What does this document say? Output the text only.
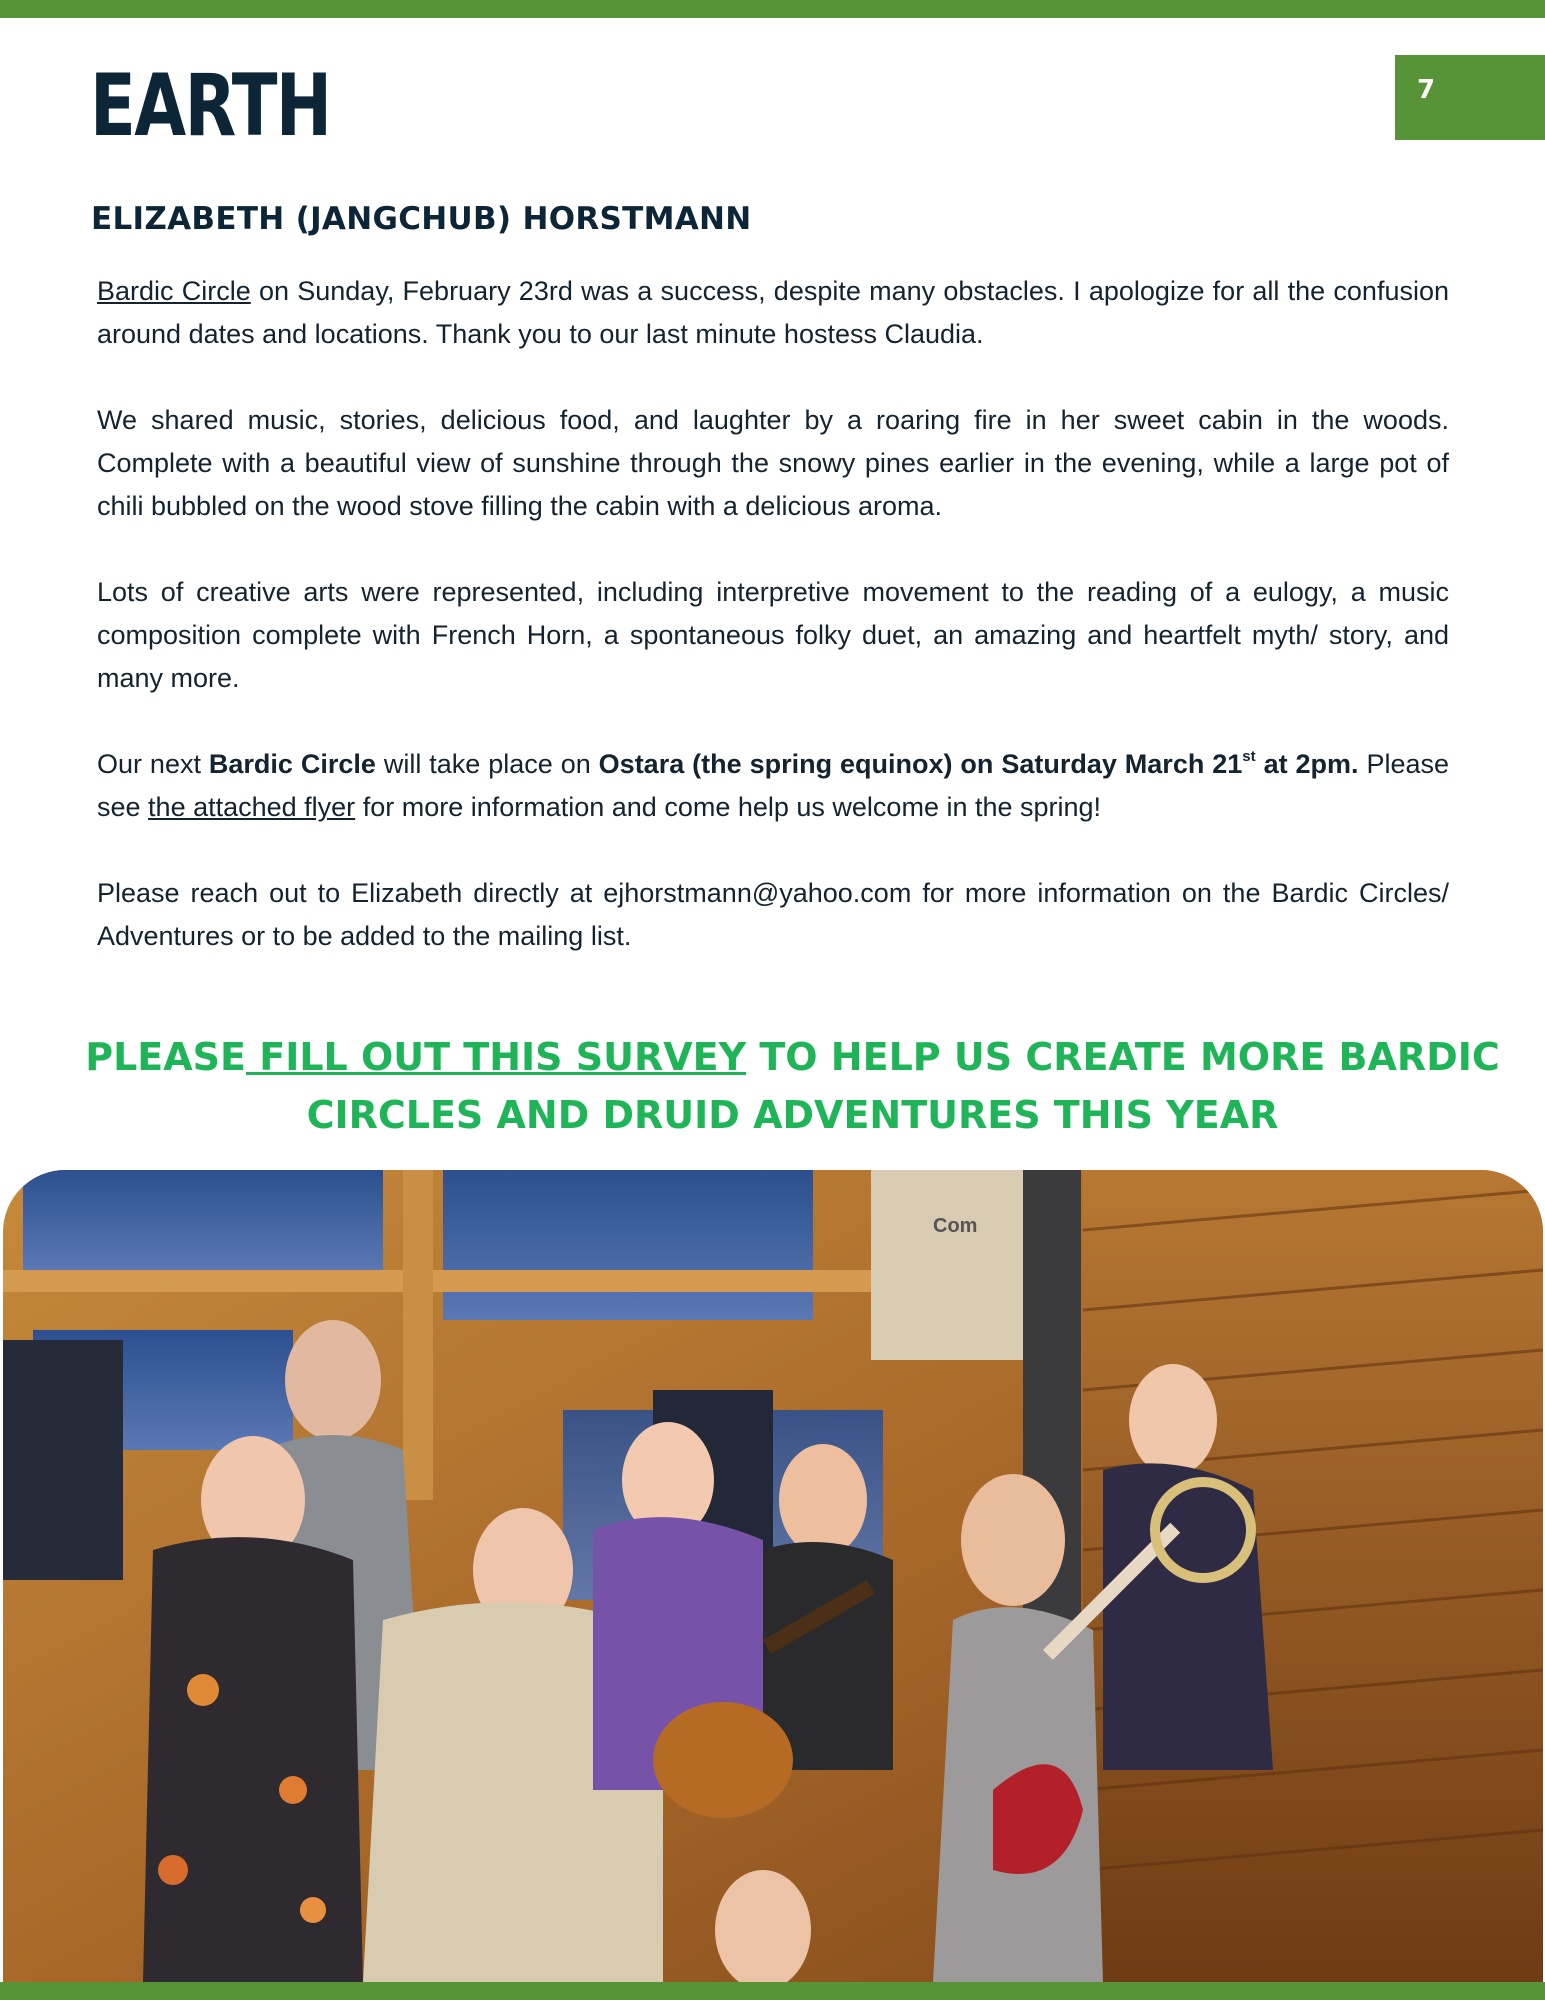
EARTH	7
ELIZABETH (JANGCHUB) HORSTMANN

Bardic Circle on Sunday, February 23rd was a success, despite many obstacles. I apologize for all the confusion around dates and locations. Thank you to our last minute hostess Claudia.

We shared music, stories, delicious food, and laughter by a roaring fire in her sweet cabin in the woods. Complete with a beautiful view of sunshine through the snowy pines earlier in the evening, while a large pot of chili bubbled on the wood stove filling the cabin with a delicious aroma.

Lots of creative arts were represented, including interpretive movement to the reading of a eulogy, a music composition complete with French Horn, a spontaneous folky duet, an amazing and heartfelt myth/ story, and many more.

Our next Bardic Circle will take place on Ostara (the spring equinox) on Saturday March 21st at 2pm. Please see the attached flyer for more information and come help us welcome in the spring!

Please reach out to Elizabeth directly at ejhorstmann@yahoo.com for more information on the Bardic Circles/ Adventures or to be added to the mailing list.

PLEASE FILL OUT THIS SURVEY TO HELP US CREATE MORE BARDIC CIRCLES AND DRUID ADVENTURES THIS YEAR

Com
